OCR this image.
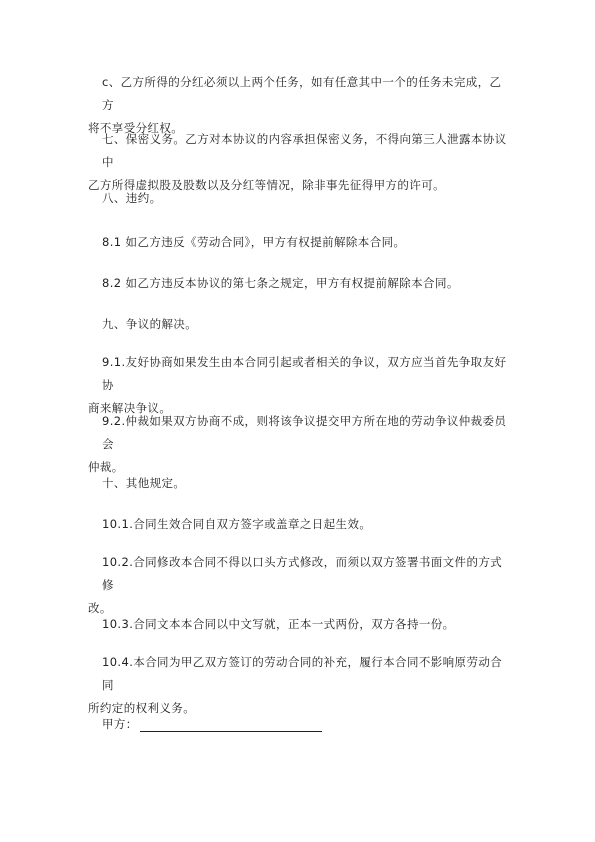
c、乙方所得的分红必须以上两个任务，如有任意其中一个的任务未完成，乙方
将不享受分红权。

七、保密义务。乙方对本协议的内容承担保密义务，不得向第三人泄露本协议中
乙方所得虚拟股及股数以及分红等情况，除非事先征得甲方的许可。

八、违约。

8.1 如乙方违反《劳动合同》，甲方有权提前解除本合同。

8.2 如乙方违反本协议的第七条之规定，甲方有权提前解除本合同。

九、争议的解决。

9.1.友好协商如果发生由本合同引起或者相关的争议，双方应当首先争取友好协
商来解决争议。

9.2.仲裁如果双方协商不成，则将该争议提交甲方所在地的劳动争议仲裁委员会
仲裁。

十、其他规定。

10.1.合同生效合同自双方签字或盖章之日起生效。

10.2.合同修改本合同不得以口头方式修改，而须以双方签署书面文件的方式修
改。

10.3.合同文本本合同以中文写就，正本一式两份，双方各持一份。

10.4.本合同为甲乙双方签订的劳动合同的补充，履行本合同不影响原劳动合同
所约定的权利义务。

甲方：
